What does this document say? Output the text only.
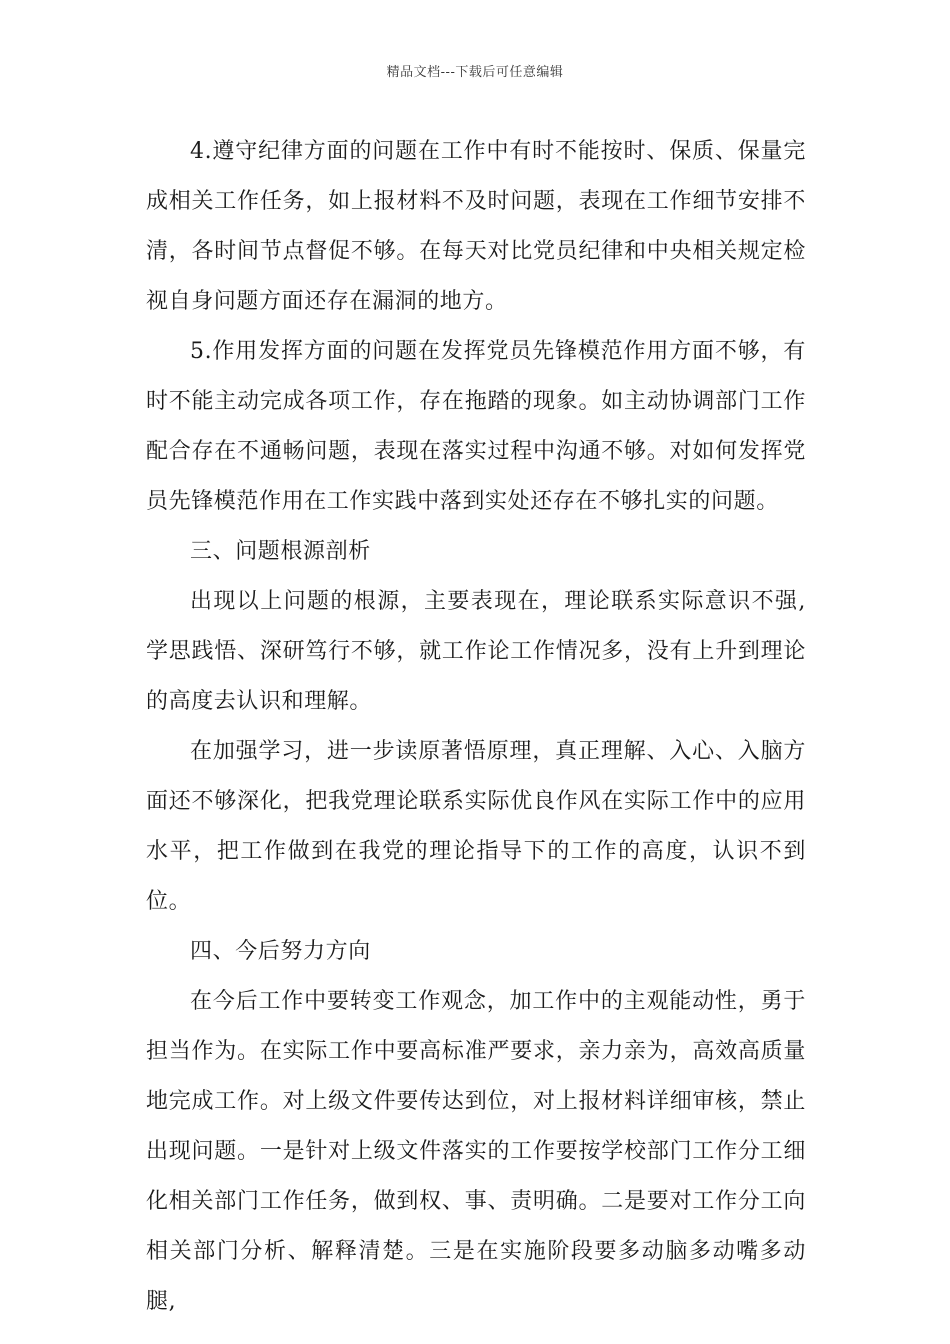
精品文档---下载后可任意编辑

4.遵守纪律方面的问题在工作中有时不能按时、保质、保量完成相关工作任务，如上报材料不及时问题，表现在工作细节安排不清，各时间节点督促不够。在每天对比党员纪律和中央相关规定检视自身问题方面还存在漏洞的地方。

5.作用发挥方面的问题在发挥党员先锋模范作用方面不够，有时不能主动完成各项工作，存在拖踏的现象。如主动协调部门工作配合存在不通畅问题，表现在落实过程中沟通不够。对如何发挥党员先锋模范作用在工作实践中落到实处还存在不够扎实的问题。

三、问题根源剖析

出现以上问题的根源，主要表现在，理论联系实际意识不强,学思践悟、深研笃行不够，就工作论工作情况多，没有上升到理论的高度去认识和理解。

在加强学习，进一步读原著悟原理，真正理解、入心、入脑方面还不够深化，把我党理论联系实际优良作风在实际工作中的应用水平，把工作做到在我党的理论指导下的工作的高度，认识不到位。

四、今后努力方向

在今后工作中要转变工作观念，加工作中的主观能动性，勇于担当作为。在实际工作中要高标准严要求，亲力亲为，高效高质量地完成工作。对上级文件要传达到位，对上报材料详细审核，禁止出现问题。一是针对上级文件落实的工作要按学校部门工作分工细化相关部门工作任务，做到权、事、责明确。二是要对工作分工向相关部门分析、解释清楚。三是在实施阶段要多动脑多动嘴多动腿,
